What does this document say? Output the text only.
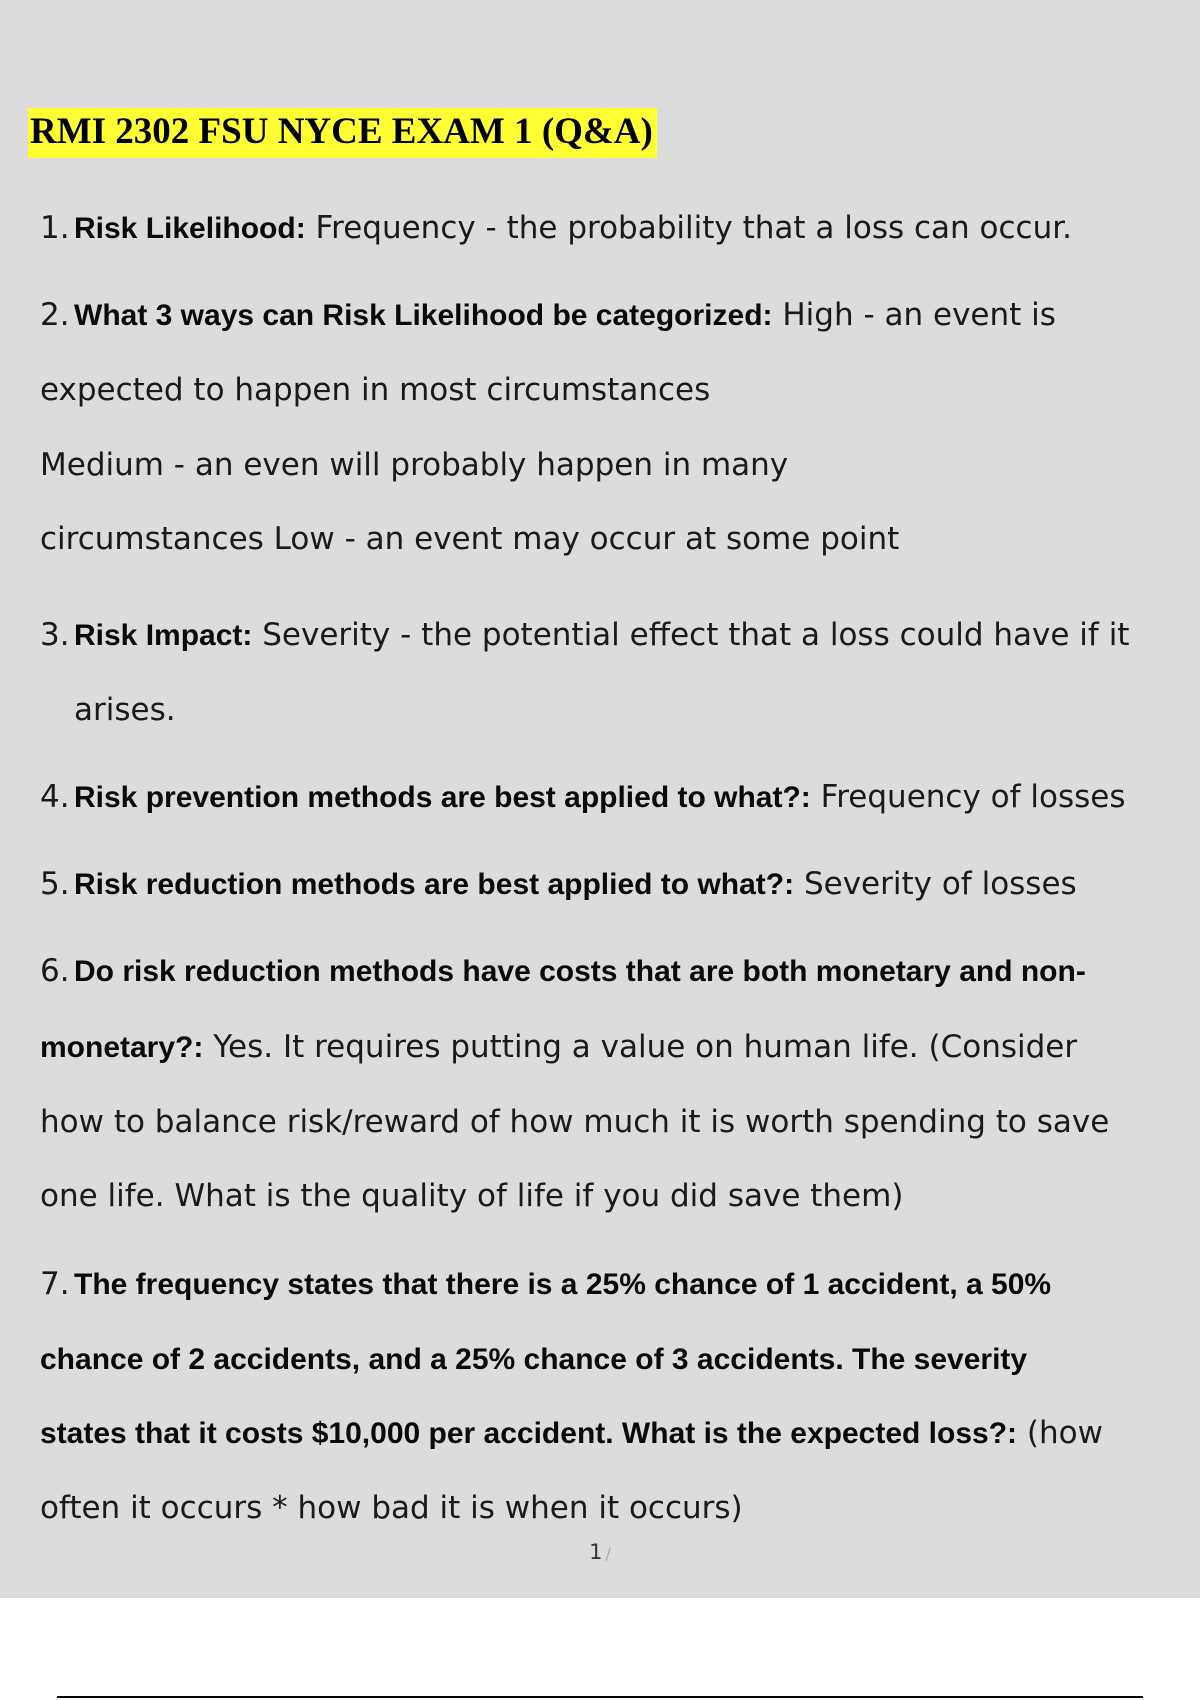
RMI 2302 FSU NYCE EXAM 1 (Q&A)
1. Risk Likelihood: Frequency - the probability that a loss can occur.
2. What 3 ways can Risk Likelihood be categorized: High - an event is
expected to happen in most circumstances
Medium - an even will probably happen in many
circumstances Low - an event may occur at some point
3. Risk Impact: Severity - the potential effect that a loss could have if it
arises.
4. Risk prevention methods are best applied to what?: Frequency of losses
5. Risk reduction methods are best applied to what?: Severity of losses
6. Do risk reduction methods have costs that are both monetary and non-
monetary?: Yes. It requires putting a value on human life. (Consider
how to balance risk/reward of how much it is worth spending to save
one life. What is the quality of life if you did save them)
7. The frequency states that there is a 25% chance of 1 accident, a 50%
chance of 2 accidents, and a 25% chance of 3 accidents. The severity
states that it costs $10,000 per accident. What is the expected loss?: (how
often it occurs * how bad it is when it occurs)
1 /
